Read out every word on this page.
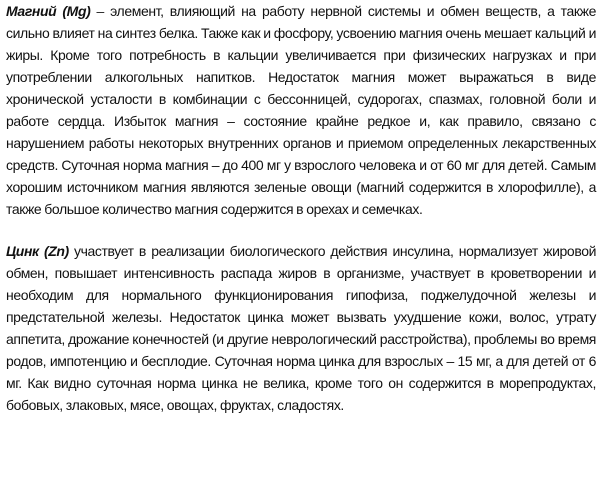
Магний (Mg) – элемент, влияющий на работу нервной системы и обмен веществ, а также сильно влияет на синтез белка. Также как и фосфору, усвоению магния очень мешает кальций и жиры. Кроме того потребность в кальции увеличивается при физических нагрузках и при употреблении алкогольных напитков. Недостаток магния может выражаться в виде хронической усталости в комбинации с бессонницей, судорогах, спазмах, головной боли и работе сердца. Избыток магния – состояние крайне редкое и, как правило, связано с нарушением работы некоторых внутренних органов и приемом определенных лекарственных средств. Суточная норма магния – до 400 мг у взрослого человека и от 60 мг для детей. Самым хорошим источником магния являются зеленые овощи (магний содержится в хлорофилле), а также большое количество магния содержится в орехах и семечках.

Цинк (Zn) участвует в реализации биологического действия инсулина, нормализует жировой обмен, повышает интенсивность распада жиров в организме, участвует в кроветворении и необходим для нормального функционирования гипофиза, поджелудочной железы и предстательной железы. Недостаток цинка может вызвать ухудшение кожи, волос, утрату аппетита, дрожание конечностей (и другие неврологический расстройства), проблемы во время родов, импотенцию и бесплодие. Суточная норма цинка для взрослых – 15 мг, а для детей от 6 мг. Как видно суточная норма цинка не велика, кроме того он содержится в морепродуктах, бобовых, злаковых, мясе, овощах, фруктах, сладостях.
